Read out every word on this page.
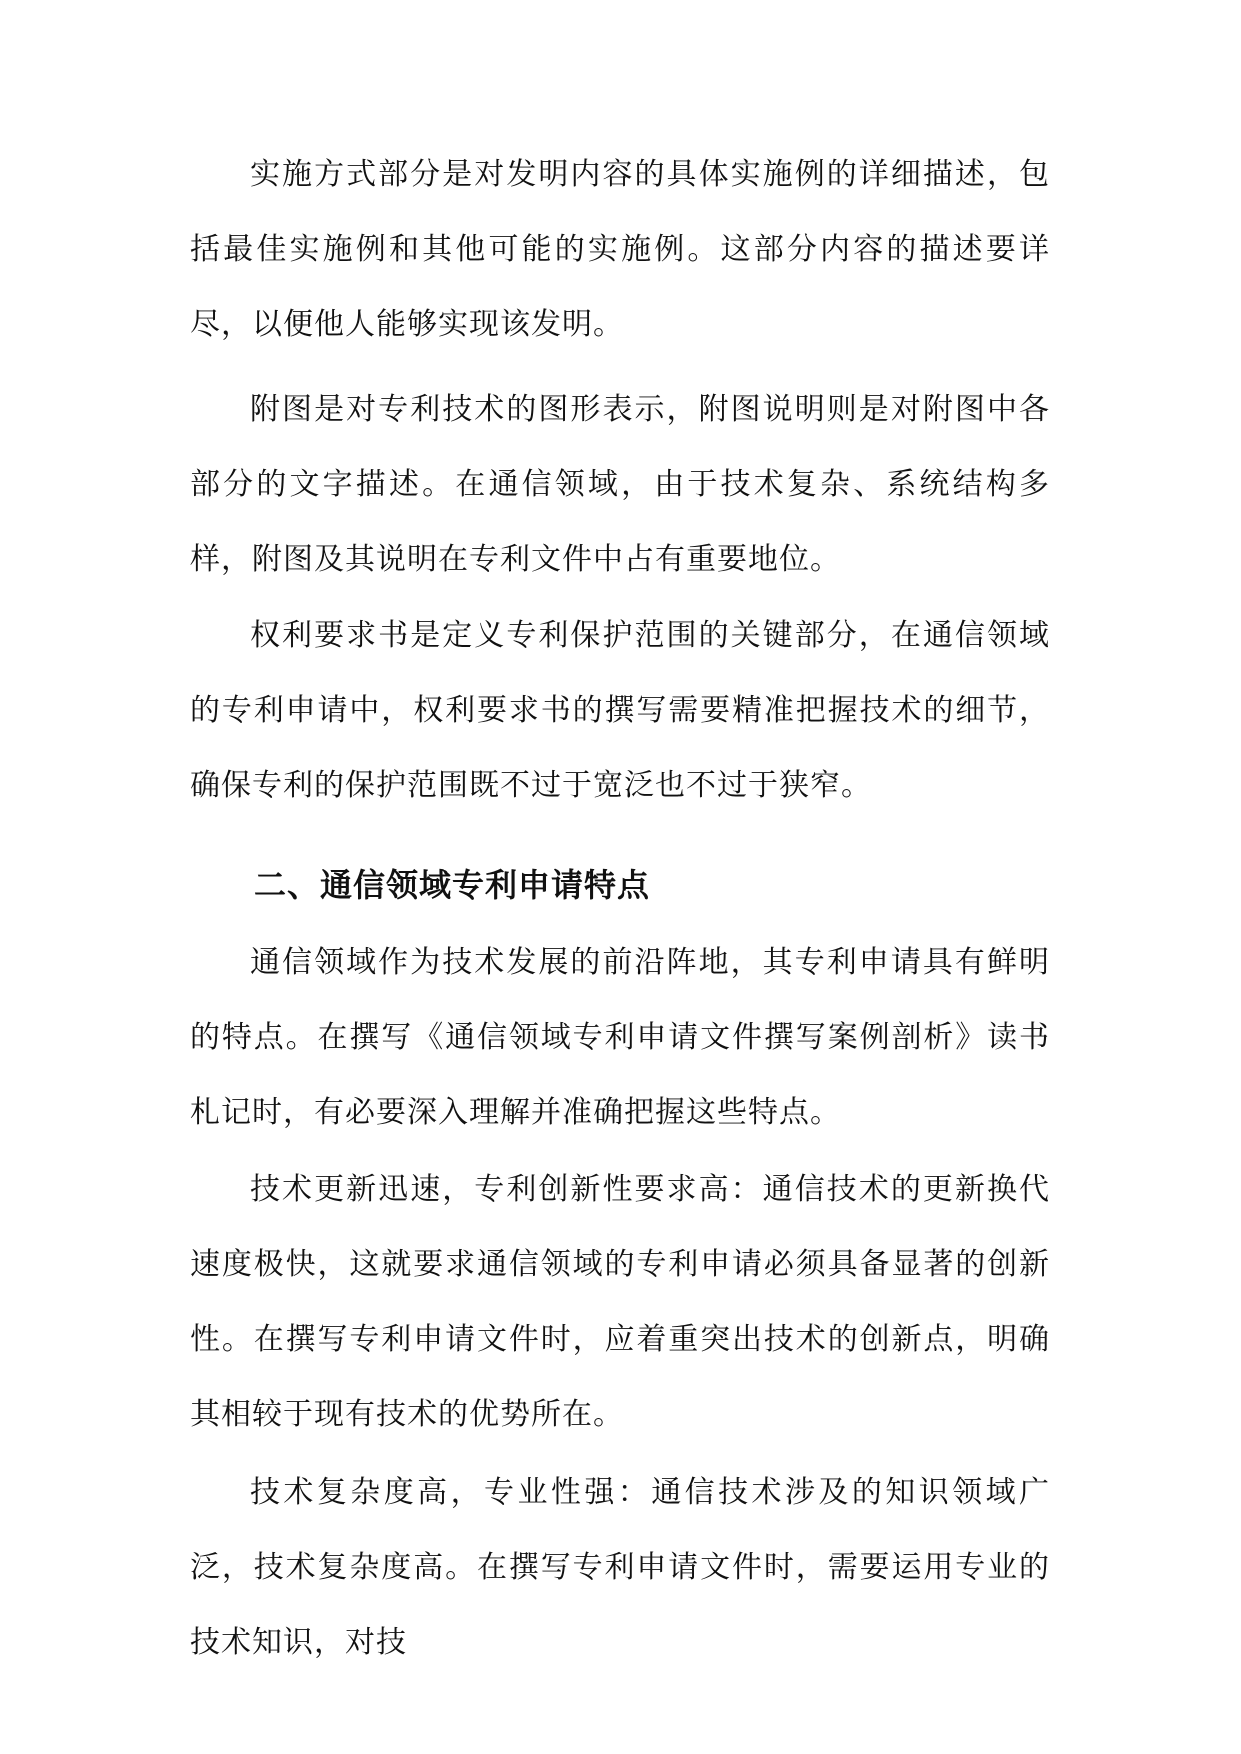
实施方式部分是对发明内容的具体实施例的详细描述，包括最佳实施例和其他可能的实施例。这部分内容的描述要详尽，以便他人能够实现该发明。

附图是对专利技术的图形表示，附图说明则是对附图中各部分的文字描述。在通信领域，由于技术复杂、系统结构多样，附图及其说明在专利文件中占有重要地位。

权利要求书是定义专利保护范围的关键部分，在通信领域的专利申请中，权利要求书的撰写需要精准把握技术的细节，确保专利的保护范围既不过于宽泛也不过于狭窄。

二、通信领域专利申请特点

通信领域作为技术发展的前沿阵地，其专利申请具有鲜明的特点。在撰写《通信领域专利申请文件撰写案例剖析》读书札记时，有必要深入理解并准确把握这些特点。

技术更新迅速，专利创新性要求高：通信技术的更新换代速度极快，这就要求通信领域的专利申请必须具备显著的创新性。在撰写专利申请文件时，应着重突出技术的创新点，明确其相较于现有技术的优势所在。

技术复杂度高，专业性强：通信技术涉及的知识领域广泛，技术复杂度高。在撰写专利申请文件时，需要运用专业的技术知识，对技
